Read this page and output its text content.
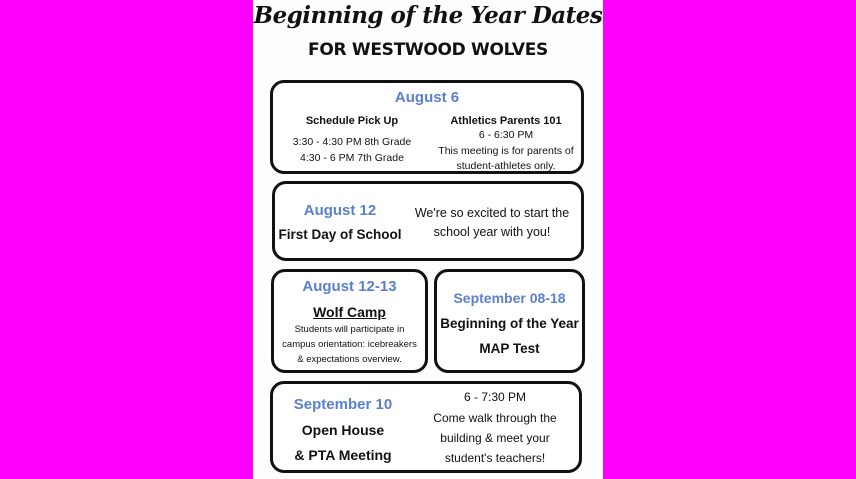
Beginning of the Year Dates
FOR WESTWOOD WOLVES
August 6
Schedule Pick Up
3:30 - 4:30 PM 8th Grade
4:30 - 6 PM 7th Grade
Athletics Parents 101
6 - 6:30 PM
This meeting is for parents of
student-athletes only.
August 12
First Day of School
We're so excited to start the
school year with you!
August 12-13
Wolf Camp
Students will participate in
campus orientation: icebreakers
& expectations overview.
September 08-18
Beginning of the Year
MAP Test
September 10
Open House
& PTA Meeting
6 - 7:30 PM
Come walk through the
building & meet your
student's teachers!
